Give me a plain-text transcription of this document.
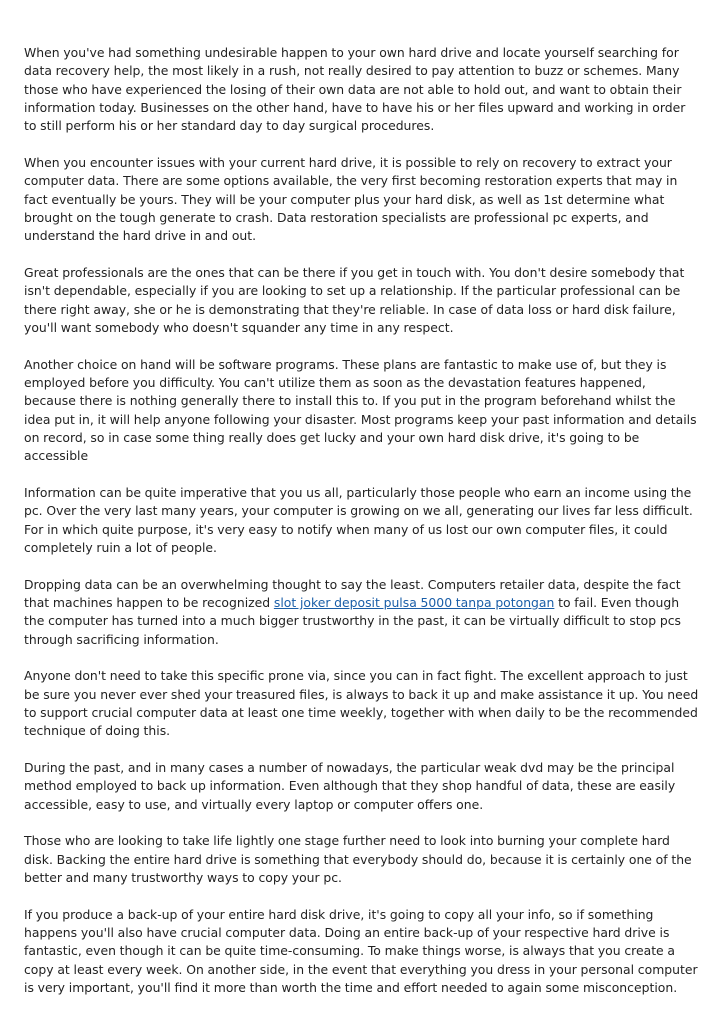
When you've had something undesirable happen to your own hard drive and locate yourself searching for data recovery help, the most likely in a rush, not really desired to pay attention to buzz or schemes. Many those who have experienced the losing of their own data are not able to hold out, and want to obtain their information today. Businesses on the other hand, have to have his or her files upward and working in order to still perform his or her standard day to day surgical procedures.

When you encounter issues with your current hard drive, it is possible to rely on recovery to extract your computer data. There are some options available, the very first becoming restoration experts that may in fact eventually be yours. They will be your computer plus your hard disk, as well as 1st determine what brought on the tough generate to crash. Data restoration specialists are professional pc experts, and understand the hard drive in and out.

Great professionals are the ones that can be there if you get in touch with. You don't desire somebody that isn't dependable, especially if you are looking to set up a relationship. If the particular professional can be there right away, she or he is demonstrating that they're reliable. In case of data loss or hard disk failure, you'll want somebody who doesn't squander any time in any respect.

Another choice on hand will be software programs. These plans are fantastic to make use of, but they is employed before you difficulty. You can't utilize them as soon as the devastation features happened, because there is nothing generally there to install this to. If you put in the program beforehand whilst the idea put in, it will help anyone following your disaster. Most programs keep your past information and details on record, so in case some thing really does get lucky and your own hard disk drive, it's going to be accessible

Information can be quite imperative that you us all, particularly those people who earn an income using the pc. Over the very last many years, your computer is growing on we all, generating our lives far less difficult. For in which quite purpose, it's very easy to notify when many of us lost our own computer files, it could completely ruin a lot of people.

Dropping data can be an overwhelming thought to say the least. Computers retailer data, despite the fact that machines happen to be recognized slot joker deposit pulsa 5000 tanpa potongan to fail. Even though the computer has turned into a much bigger trustworthy in the past, it can be virtually difficult to stop pcs through sacrificing information.

Anyone don't need to take this specific prone via, since you can in fact fight. The excellent approach to just be sure you never ever shed your treasured files, is always to back it up and make assistance it up. You need to support crucial computer data at least one time weekly, together with when daily to be the recommended technique of doing this.

During the past, and in many cases a number of nowadays, the particular weak dvd may be the principal method employed to back up information. Even although that they shop handful of data, these are easily accessible, easy to use, and virtually every laptop or computer offers one.

Those who are looking to take life lightly one stage further need to look into burning your complete hard disk. Backing the entire hard drive is something that everybody should do, because it is certainly one of the better and many trustworthy ways to copy your pc.

If you produce a back-up of your entire hard disk drive, it's going to copy all your info, so if something happens you'll also have crucial computer data. Doing an entire back-up of your respective hard drive is fantastic, even though it can be quite time-consuming. To make things worse, is always that you create a copy at least every week. On another side, in the event that everything you dress in your personal computer is very important, you'll find it more than worth the time and effort needed to again some misconception.
